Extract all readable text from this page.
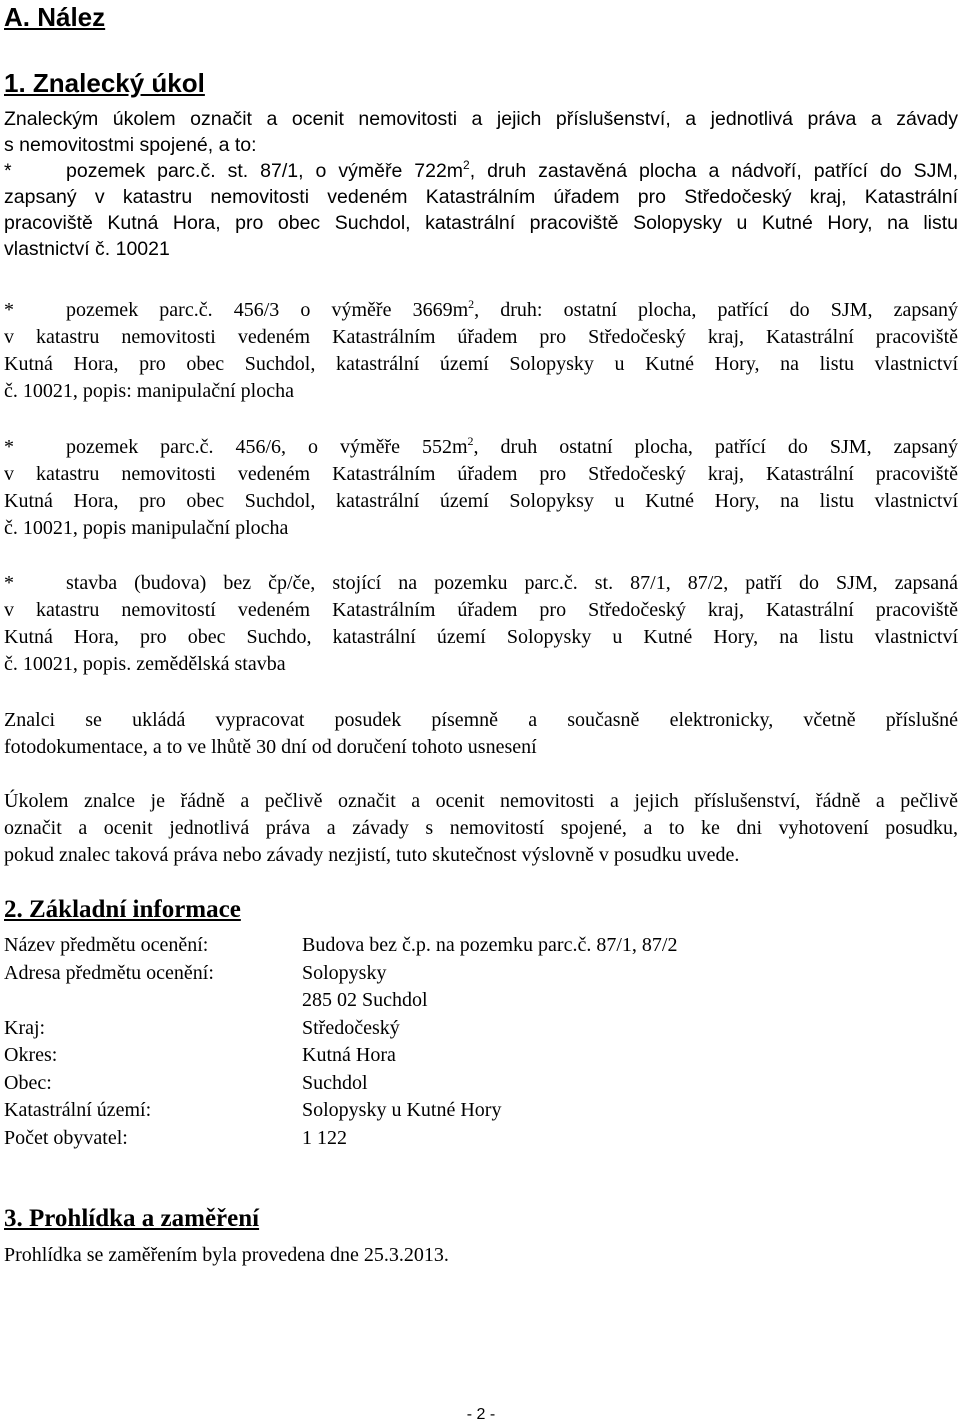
A. Nález
1. Znalecký úkol
Znaleckým úkolem označit a ocenit nemovitosti a jejich příslušenství, a jednotlivá práva a závady
s nemovitostmi spojené, a to:
*	pozemek parc.č. st. 87/1, o výměře $722m^2$, druh zastavěná plocha a nádvoří, patřící do SJM,
zapsaný v katastru nemovitosti vedeném Katastrálním úřadem pro Středočeský kraj, Katastrální
pracoviště Kutná Hora, pro obec Suchdol, katastrální pracoviště Solopysky u Kutné Hory, na listu
vlastnictví č. 10021
*	pozemek parc.č. 456/3 o výměře $3669m^2$, druh: ostatní plocha, patřící do SJM, zapsaný
v katastru nemovitosti vedeném Katastrálním úřadem pro Středočeský kraj, Katastrální pracoviště
Kutná Hora, pro obec Suchdol, katastrální území Solopysky u Kutné Hory, na listu vlastnictví
č. 10021, popis: manipulační plocha
*	pozemek parc.č. 456/6, o výměře $552m^2$, druh ostatní plocha, patřící do SJM, zapsaný
v katastru nemovitosti vedeném Katastrálním úřadem pro Středočeský kraj, Katastrální pracoviště
Kutná Hora, pro obec Suchdol, katastrální území Solopyksy u Kutné Hory, na listu vlastnictví
č. 10021, popis manipulační plocha
*	stavba (budova) bez čp/če, stojící na pozemku parc.č. st. 87/1, 87/2, patří do SJM, zapsaná
v katastru nemovitostí vedeném Katastrálním úřadem pro Středočeský kraj, Katastrální pracoviště
Kutná Hora, pro obec Suchdo, katastrální území Solopysky u Kutné Hory, na listu vlastnictví
č. 10021, popis. zemědělská stavba
Znalci se ukládá vypracovat posudek písemně a současně elektronicky, včetně příslušné
fotodokumentace, a to ve lhůtě 30 dní od doručení tohoto usnesení
Úkolem znalce je řádně a pečlivě označit a ocenit nemovitosti a jejich příslušenství, řádně a pečlivě
označit a ocenit jednotlivá práva a závady s nemovitostí spojené, a to ke dni vyhotovení posudku,
pokud znalec taková práva nebo závady nezjistí, tuto skutečnost výslovně v posudku uvede.
2. Základní informace
Název předmětu ocenění:	Budova bez č.p. na pozemku parc.č. 87/1, 87/2
Adresa předmětu ocenění:	Solopysky
285 02 Suchdol
Kraj:	Středočeský
Okres:	Kutná Hora
Obec:	Suchdol
Katastrální území:	Solopysky u Kutné Hory
Počet obyvatel:	1 122
3. Prohlídka a zaměření
Prohlídka se zaměřením byla provedena dne 25.3.2013.
- 2 -
